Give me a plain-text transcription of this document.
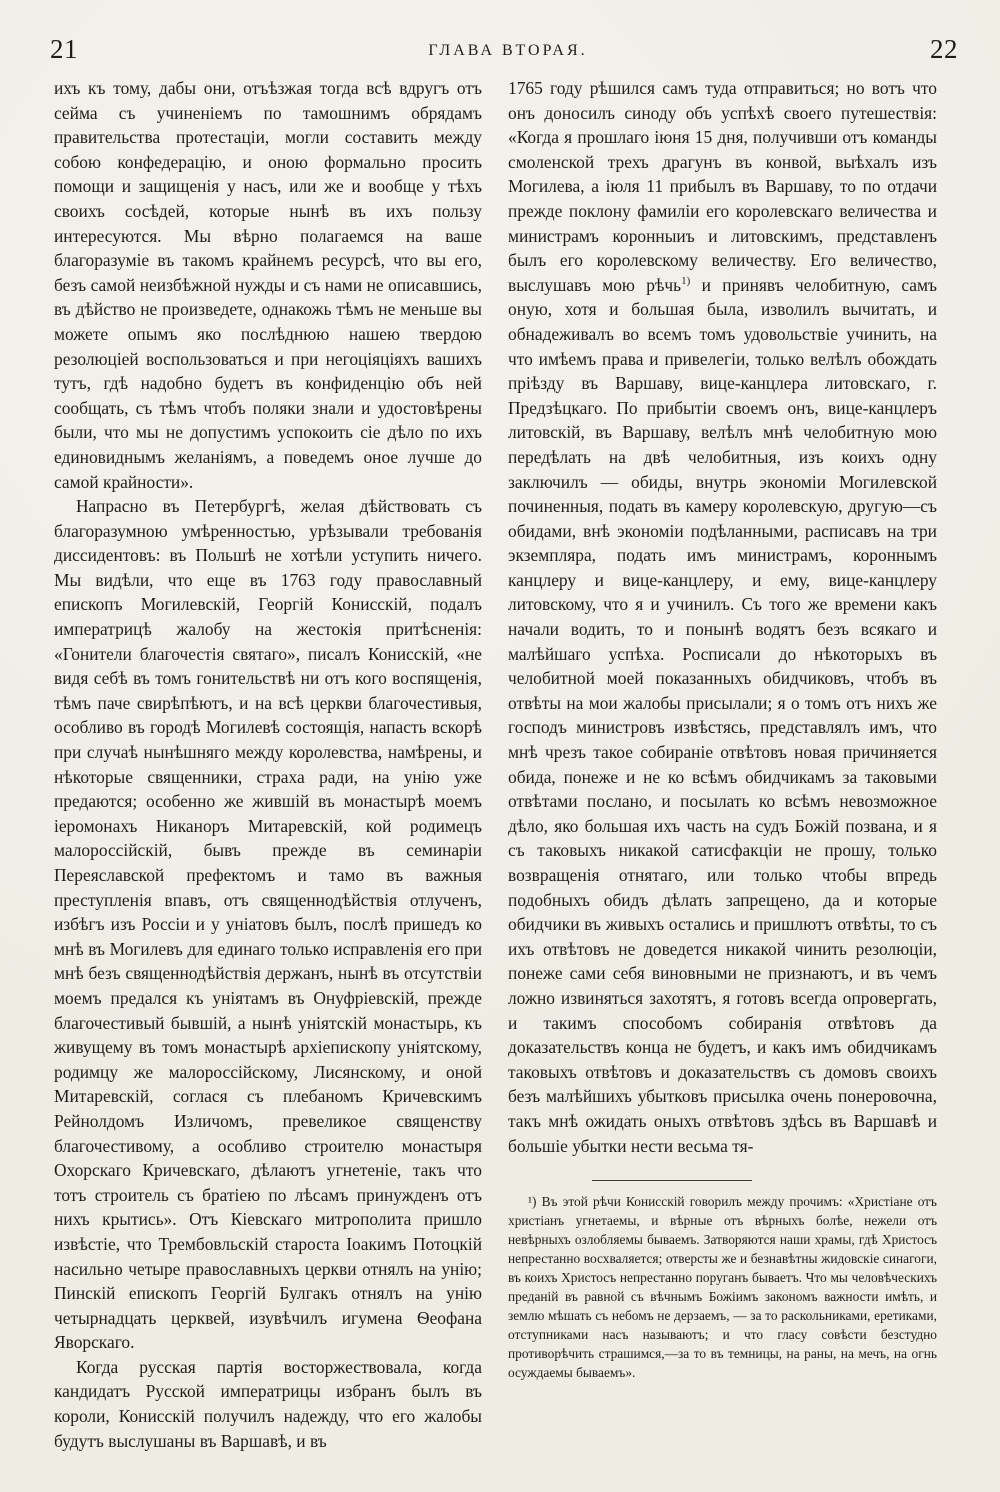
21	ГЛАВА ВТОРАЯ.	22

ихъ къ тому, дабы они, отъѣзжая тогда всѣ вдругъ отъ сейма съ учиненіемъ по тамошнимъ обрядамъ правительства протестаціи, могли составить между собою конфедерацію, и оною формально просить помощи и защищенія у насъ, или же и вообще у тѣхъ своихъ сосѣдей, которые нынѣ въ ихъ пользу интересуются. Мы вѣрно полагаемся на ваше благоразуміе въ такомъ крайнемъ ресурсѣ, что вы его, безъ самой неизбѣжной нужды и съ нами не описавшись, въ дѣйство не произведете, однакожь тѣмъ не меньше вы можете опымъ яко послѣднюю нашею твердою резолюціей воспользоваться и при негоціяціяхъ вашихъ тутъ, гдѣ надобно будетъ въ конфиденцію объ ней сообщать, съ тѣмъ чтобъ поляки знали и удостовѣрены были, что мы не допустимъ успокоить сіе дѣло по ихъ единовиднымъ желаніямъ, а поведемъ оное лучше до самой крайности».

Напрасно въ Петербургѣ, желая дѣйствовать съ благоразумною умѣренностью, урѣзывали требованія диссидентовъ: въ Польшѣ не хотѣли уступить ничего. Мы видѣли, что еще въ 1763 году православный епископъ Могилевскій, Георгій Конисскій, подалъ императрицѣ жалобу на жестокія притѣсненія: «Гонители благочестія святаго», писалъ Конисскій, «не видя себѣ въ томъ гонительствѣ ни отъ кого воспященія, тѣмъ паче свирѣпѣютъ, и на всѣ церкви благочестивыя, особливо въ городѣ Могилевѣ состоящія, напасть вскорѣ при случаѣ нынѣшняго между королевства, намѣрены, и нѣкоторые священники, страха ради, на унію уже предаются; особенно же жившій въ монастырѣ моемъ іеромонахъ Никаноръ Митаревскій, кой родимецъ малороссійскій, бывъ прежде въ семинаріи Переяславской префектомъ и тамо въ важныя преступленія впавъ, отъ священнодѣйствія отлученъ, избѣгъ изъ Россіи и у уніатовъ былъ, послѣ пришедъ ко мнѣ въ Могилевъ для единаго только исправленія его при мнѣ безъ священнодѣйствія держанъ, нынѣ въ отсутствіи моемъ предался къ уніятамъ въ Онуфріевскій, прежде благочестивый бывшій, а нынѣ уніятскій монастырь, къ живущему въ томъ монастырѣ архіепископу уніятскому, родимцу же малороссійскому, Лисянскому, и оной Митаревскій, соглася съ плебаномъ Кричевскимъ Рейнолдомъ Изличомъ, превеликое священству благочестивому, а особливо строителю монастыря Охорскаго Кричевскаго, дѣлаютъ угнетеніе, такъ что тотъ строитель съ братіею по лѣсамъ принужденъ отъ нихъ крытись». Отъ Кіевскаго митрополита пришло извѣстіе, что Трембовльскій староста Іоакимъ Потоцкій насильно четыре православныхъ церкви отнялъ на унію; Пинскій епископъ Георгій Булгакъ отнялъ на унію четырнадцать церквей, изувѣчилъ игумена Ѳеофана Яворскаго.

Когда русская партія восторжествовала, когда кандидатъ Русской императрицы избранъ былъ въ короли, Конисскій получилъ надежду, что его жалобы будутъ выслушаны въ Варшавѣ, и въ

1765 году рѣшился самъ туда отправиться; но вотъ что онъ доносилъ синоду объ успѣхѣ своего путешествія: «Когда я прошлаго іюня 15 дня, получивши отъ команды смоленской трехъ драгунъ въ конвой, выѣхалъ изъ Могилева, а іюля 11 прибылъ въ Варшаву, то по отдачи прежде поклону фамиліи его королевскаго величества и министрамъ коронныиъ и литовскимъ, представленъ былъ его королевскому величеству. Его величество, выслушавъ мою рѣчь$^{1)}$ и принявъ челобитную, самъ оную, хотя и большая была, изволилъ вычитать, и обнадеживалъ во всемъ томъ удовольствіе учинить, на что имѣемъ права и привелегіи, только велѣлъ обождать пріѣзду въ Варшаву, вице-канцлера литовскаго, г. Предзѣцкаго. По прибытіи своемъ онъ, вице-канцлеръ литовскій, въ Варшаву, велѣлъ мнѣ челобитную мою передѣлать на двѣ челобитныя, изъ коихъ одну заключилъ — обиды, внутрь экономіи Могилевской починенныя, подать въ камеру королевскую, другую—съ обидами, внѣ экономіи подѣланными, расписавъ на три экземпляра, подать имъ министрамъ, короннымъ канцлеру и вице-канцлеру, и ему, вице-канцлеру литовскому, что я и учинилъ. Съ того же времени какъ начали водить, то и понынѣ водятъ безъ всякаго и малѣйшаго успѣха. Росписали до нѣкоторыхъ въ челобитной моей показанныхъ обидчиковъ, чтобъ въ отвѣты на мои жалобы присылали; я о томъ отъ нихъ же господъ министровъ извѣстясь, представлялъ имъ, что мнѣ чрезъ такое собираніе отвѣтовъ новая причиняется обида, понеже и не ко всѣмъ обидчикамъ за таковыми отвѣтами послано, и посылать ко всѣмъ невозможное дѣло, яко большая ихъ часть на судъ Божій позвана, и я съ таковыхъ никакой сатисфакціи не прошу, только возвращенія отнятаго, или только чтобы впредь подобныхъ обидъ дѣлать запрещено, да и которые обидчики въ живыхъ остались и пришлютъ отвѣты, то съ ихъ отвѣтовъ не доведется никакой чинить резолюціи, понеже сами себя виновными не признаютъ, и въ чемъ ложно извиняться захотятъ, я готовъ всегда опровергать, и такимъ способомъ собиранія отвѣтовъ да доказательствъ конца не будетъ, и какъ имъ обидчикамъ таковыхъ отвѣтовъ и доказательствъ съ домовъ своихъ безъ малѣйшихъ убытковъ присылка очень понеровочна, такъ мнѣ ожидать оныхъ отвѣтовъ здѣсь въ Варшавѣ и большіе убытки нести весьма тя-

¹) Въ этой рѣчи Конисскій говорилъ между прочимъ: «Христіане отъ христіанъ угнетаемы, и вѣрные отъ вѣрныхъ болѣе, нежели отъ невѣрныхъ озлобляемы бываемъ. Затворяются наши храмы, гдѣ Христосъ непрестанно восхваляется; отверсты же и безнавѣтны жидовскіе синагоги, въ коихъ Христосъ непрестанно поруганъ бываетъ. Что мы человѣческихъ преданій въ равной съ вѣчнымъ Божіимъ закономъ важности имѣть, и землю мѣшать съ небомъ не дерзаемъ, — за то раскольниками, еретиками, отступниками насъ называютъ; и что гласу совѣсти безстудно противорѣчить страшимся,—за то въ темницы, на раны, на мечъ, на огнь осуждаемы бываемъ».
